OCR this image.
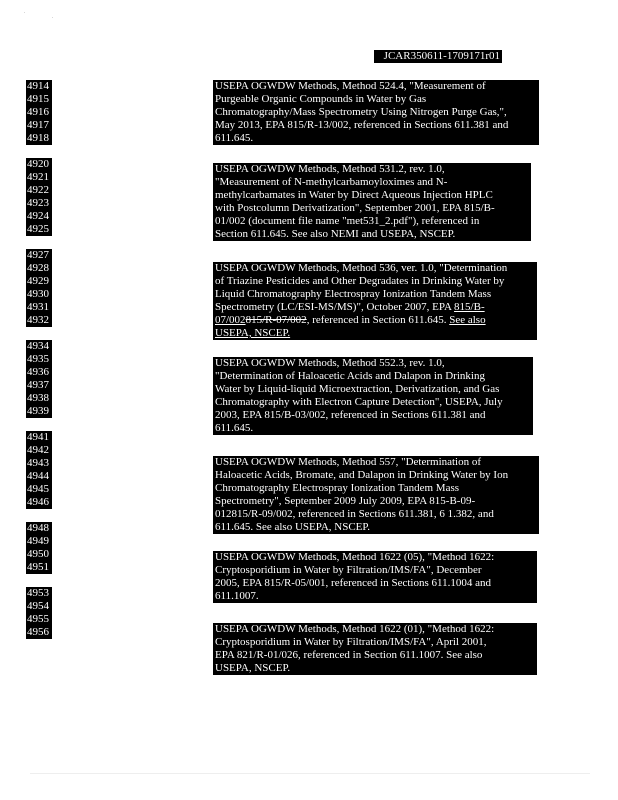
JCAR350611-1709171r01
4914
4915
4916
4917
4918
4919
4920
4921
4922
4923
4924
4925
4926
4927
4928
4929
4930
4931
4932
4933
4934
4935
4936
4937
4938
4939
4940
4941
4942
4943
4944
4945
4946
4947
4948
4949
4950
4951
4952
4953
4954
4955
4956
USEPA OGWDW Methods, Method 524.4, "Measurement of
Purgeable Organic Compounds in Water by Gas
Chromatography/Mass Spectrometry Using Nitrogen Purge Gas,",
May 2013, EPA 815/R-13/002, referenced in Sections 611.381 and
611.645.
USEPA OGWDW Methods, Method 531.2, rev. 1.0,
"Measurement of N-methylcarbamoyloximes and N-
methylcarbamates in Water by Direct Aqueous Injection HPLC
with Postcolumn Derivatization", September 2001, EPA 815/B-
01/002 (document file name "met531_2.pdf"), referenced in
Section 611.645. See also NEMI and USEPA, NSCEP.
USEPA OGWDW Methods, Method 536, ver. 1.0, "Determination
of Triazine Pesticides and Other Degradates in Drinking Water by
Liquid Chromatography Electrospray Ionization Tandem Mass
Spectrometry (LC/ESI-MS/MS)", October 2007, EPA 815/B-
07/002815/R-07/002, referenced in Section 611.645. See also
USEPA, NSCEP.
USEPA OGWDW Methods, Method 552.3, rev. 1.0,
"Determination of Haloacetic Acids and Dalapon in Drinking
Water by Liquid-liquid Microextraction, Derivatization, and Gas
Chromatography with Electron Capture Detection", USEPA, July
2003, EPA 815/B-03/002, referenced in Sections 611.381 and
611.645.
USEPA OGWDW Methods, Method 557, "Determination of
Haloacetic Acids, Bromate, and Dalapon in Drinking Water by Ion
Chromatography Electrospray Ionization Tandem Mass
Spectrometry", September 2009 July 2009, EPA 815-B-09-
012815/R-09/002, referenced in Sections 611.381, 6 1.382, and
611.645. See also USEPA, NSCEP.
USEPA OGWDW Methods, Method 1622 (05), "Method 1622:
Cryptosporidium in Water by Filtration/IMS/FA", December
2005, EPA 815/R-05/001, referenced in Sections 611.1004 and
611.1007.
USEPA OGWDW Methods, Method 1622 (01), "Method 1622:
Cryptosporidium in Water by Filtration/IMS/FA", April 2001,
EPA 821/R-01/026, referenced in Section 611.1007. See also
USEPA, NSCEP.
